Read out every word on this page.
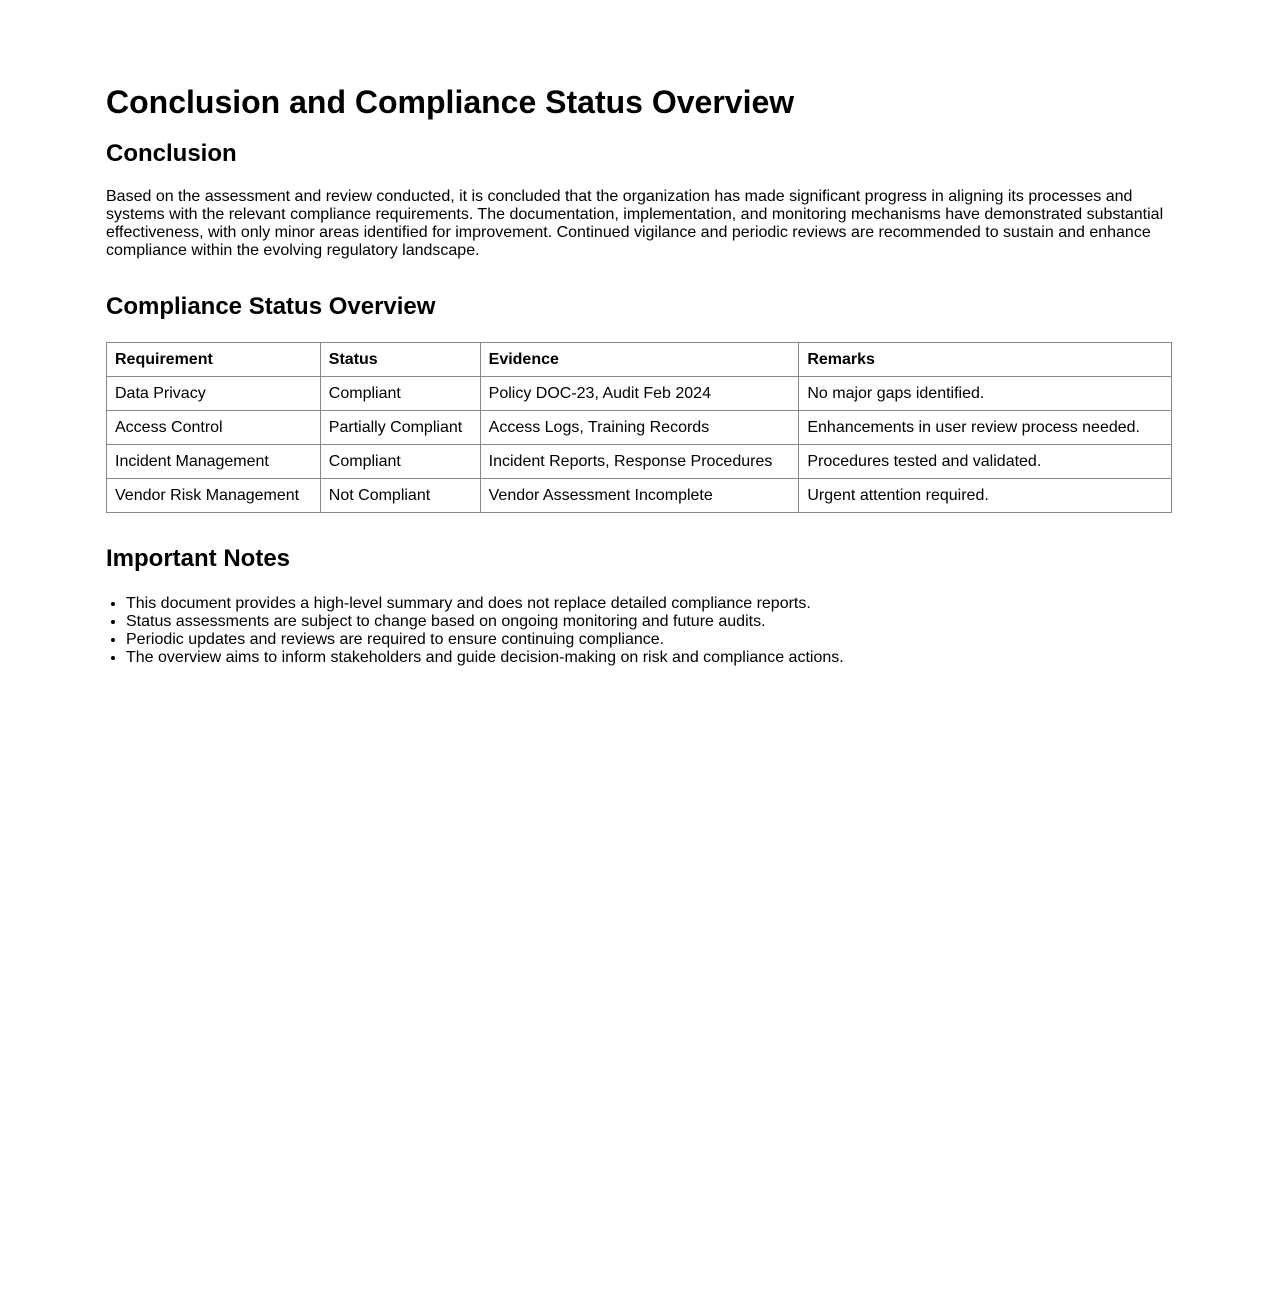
Conclusion and Compliance Status Overview
Conclusion

Based on the assessment and review conducted, it is concluded that the organization has made significant progress in aligning its processes and systems with the relevant compliance requirements. The documentation, implementation, and monitoring mechanisms have demonstrated substantial effectiveness, with only minor areas identified for improvement. Continued vigilance and periodic reviews are recommended to sustain and enhance compliance within the evolving regulatory landscape.

Compliance Status Overview
Requirement	Status	Evidence	Remarks
Data Privacy	Compliant	Policy DOC-23, Audit Feb 2024	No major gaps identified.
Access Control	Partially Compliant	Access Logs, Training Records	Enhancements in user review process needed.
Incident Management	Compliant	Incident Reports, Response Procedures	Procedures tested and validated.
Vendor Risk Management	Not Compliant	Vendor Assessment Incomplete	Urgent attention required.
Important Notes
• This document provides a high-level summary and does not replace detailed compliance reports.
• Status assessments are subject to change based on ongoing monitoring and future audits.
• Periodic updates and reviews are required to ensure continuing compliance.
• The overview aims to inform stakeholders and guide decision-making on risk and compliance actions.
